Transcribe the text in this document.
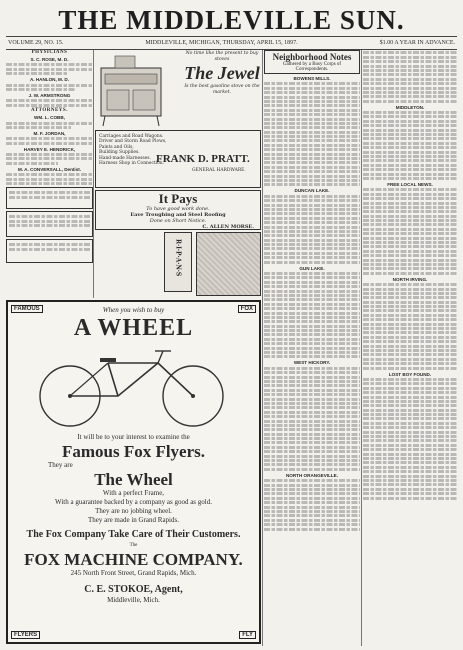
THE MIDDLEVILLE SUN.
VOLUME 29, NO. 15.	MIDDLEVILLE, MICHIGAN, THURSDAY, APRIL 15, 1897.	$1.00 A YEAR IN ADVANCE.
PHYSICIANS
S. C. ROSE, M. D.
A. HANLON, M. D.
J. W. ARMSTRONG
ATTORNEYS.
WM. L. COBB,
M. F. JORDAN,
HARVEY E. HENDRICK,
M. A. CONVERSALL, Dentist.
No time like the present to buy stoves
The Jewel
Is the best gasoline stove on the market.
Carriages and Road Wagons.
Driver and Storm Road Plows,
Paints and Oils,
Building Supplies.
Hand-made Harnesses.
Harness Shop in Connection.
FRANK D. PRATT.
GENERAL HARDWARE.
It Pays
To have good work done.
Eave Troughing and Steel Roofing
Done on Short Notice.
C. ALLEN MORSE.
R·I·P·A·N·S
FAMOUS	FOX
When you wish to buy
A WHEEL
It will be to your interest to examine the
Famous Fox Flyers.
They are
The Wheel
With a perfect Frame,
With a guarantee backed by a company as good as gold.
They are no jobbing wheel.
They are made in Grand Rapids.
The Fox Company Take Care of Their Customers.
The
FOX MACHINE COMPANY.
245 North Front Street, Grand Rapids, Mich.
C. E. STOKOE, Agent,
Middleville, Mich.
FLYERS	FLY
Neighborhood Notes
Gathered by a Busy Corps of Correspondents.
BOWENS MILLS.
DUNCAN LAKE.
GUN LAKE.
WEST HICKORY.
NORTH ORANGEVILLE.
MIDDLETON.
FREE LOCAL NEWS.
NORTH IRVING.
LOST BOY FOUND.
